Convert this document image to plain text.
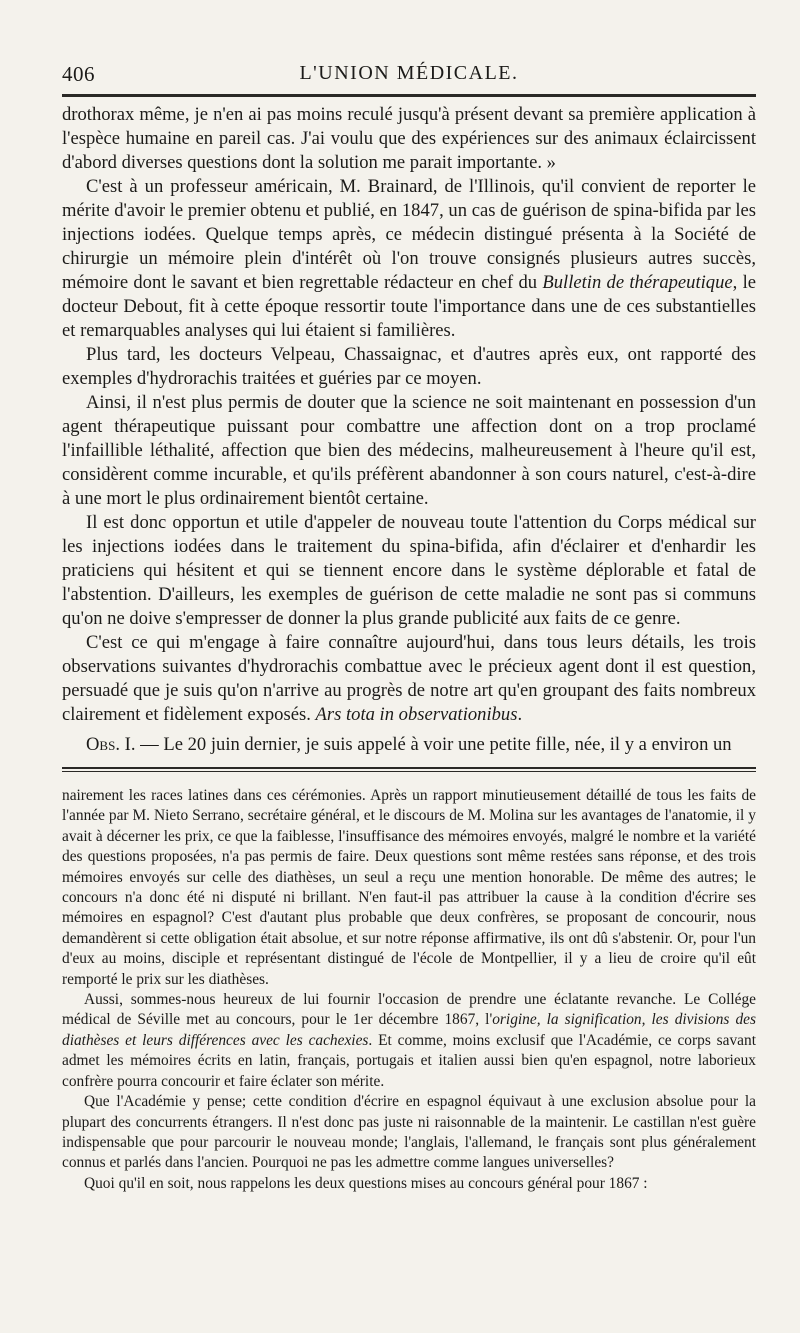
406	L'UNION MÉDICALE.

drothorax même, je n'en ai pas moins reculé jusqu'à présent devant sa première application à l'espèce humaine en pareil cas. J'ai voulu que des expériences sur des animaux éclaircissent d'abord diverses questions dont la solution me parait importante. »

C'est à un professeur américain, M. Brainard, de l'Illinois, qu'il convient de reporter le mérite d'avoir le premier obtenu et publié, en 1847, un cas de guérison de spina-bifida par les injections iodées. Quelque temps après, ce médecin distingué présenta à la Société de chirurgie un mémoire plein d'intérêt où l'on trouve consignés plusieurs autres succès, mémoire dont le savant et bien regrettable rédacteur en chef du Bulletin de thérapeutique, le docteur Debout, fit à cette époque ressortir toute l'importance dans une de ces substantielles et remarquables analyses qui lui étaient si familières.

Plus tard, les docteurs Velpeau, Chassaignac, et d'autres après eux, ont rapporté des exemples d'hydrorachis traitées et guéries par ce moyen.

Ainsi, il n'est plus permis de douter que la science ne soit maintenant en possession d'un agent thérapeutique puissant pour combattre une affection dont on a trop proclamé l'infaillible léthalité, affection que bien des médecins, malheureusement à l'heure qu'il est, considèrent comme incurable, et qu'ils préfèrent abandonner à son cours naturel, c'est-à-dire à une mort le plus ordinairement bientôt certaine.

Il est donc opportun et utile d'appeler de nouveau toute l'attention du Corps médical sur les injections iodées dans le traitement du spina-bifida, afin d'éclairer et d'enhardir les praticiens qui hésitent et qui se tiennent encore dans le système déplorable et fatal de l'abstention. D'ailleurs, les exemples de guérison de cette maladie ne sont pas si communs qu'on ne doive s'empresser de donner la plus grande publicité aux faits de ce genre.

C'est ce qui m'engage à faire connaître aujourd'hui, dans tous leurs détails, les trois observations suivantes d'hydrorachis combattue avec le précieux agent dont il est question, persuadé que je suis qu'on n'arrive au progrès de notre art qu'en groupant des faits nombreux clairement et fidèlement exposés. Ars tota in observationibus.

Obs. I. — Le 20 juin dernier, je suis appelé à voir une petite fille, née, il y a environ un

nairement les races latines dans ces cérémonies. Après un rapport minutieusement détaillé de tous les faits de l'année par M. Nieto Serrano, secrétaire général, et le discours de M. Molina sur les avantages de l'anatomie, il y avait à décerner les prix, ce que la faiblesse, l'insuffisance des mémoires envoyés, malgré le nombre et la variété des questions proposées, n'a pas permis de faire. Deux questions sont même restées sans réponse, et des trois mémoires envoyés sur celle des diathèses, un seul a reçu une mention honorable. De même des autres; le concours n'a donc été ni disputé ni brillant. N'en faut-il pas attribuer la cause à la condition d'écrire ses mémoires en espagnol? C'est d'autant plus probable que deux confrères, se proposant de concourir, nous demandèrent si cette obligation était absolue, et sur notre réponse affirmative, ils ont dû s'abstenir. Or, pour l'un d'eux au moins, disciple et représentant distingué de l'école de Montpellier, il y a lieu de croire qu'il eût remporté le prix sur les diathèses.

Aussi, sommes-nous heureux de lui fournir l'occasion de prendre une éclatante revanche. Le Collége médical de Séville met au concours, pour le 1er décembre 1867, l'origine, la signification, les divisions des diathèses et leurs différences avec les cachexies. Et comme, moins exclusif que l'Académie, ce corps savant admet les mémoires écrits en latin, français, portugais et italien aussi bien qu'en espagnol, notre laborieux confrère pourra concourir et faire éclater son mérite.

Que l'Académie y pense; cette condition d'écrire en espagnol équivaut à une exclusion absolue pour la plupart des concurrents étrangers. Il n'est donc pas juste ni raisonnable de la maintenir. Le castillan n'est guère indispensable que pour parcourir le nouveau monde; l'anglais, l'allemand, le français sont plus généralement connus et parlés dans l'ancien. Pourquoi ne pas les admettre comme langues universelles?

Quoi qu'il en soit, nous rappelons les deux questions mises au concours général pour 1867 :
